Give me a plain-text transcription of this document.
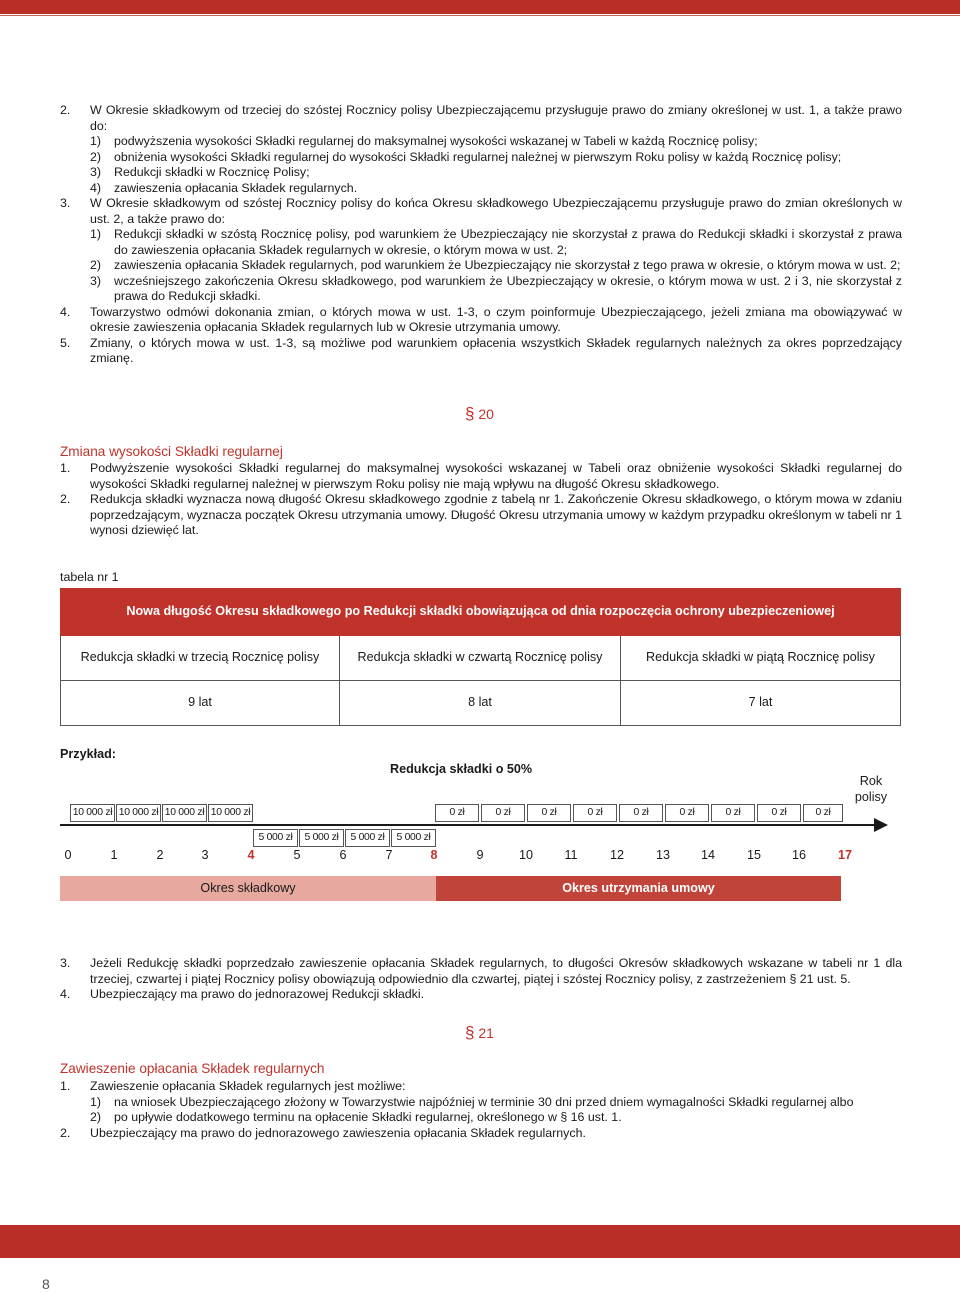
2. W Okresie składkowym od trzeciej do szóstej Rocznicy polisy Ubezpieczającemu przysługuje prawo do zmiany określonej w ust. 1, a także prawo do:
1) podwyższenia wysokości Składki regularnej do maksymalnej wysokości wskazanej w Tabeli w każdą Rocznicę polisy;
2) obniżenia wysokości Składki regularnej do wysokości Składki regularnej należnej w pierwszym Roku polisy w każdą Rocznicę polisy;
3) Redukcji składki w Rocznicę Polisy;
4) zawieszenia opłacania Składek regularnych.
3. W Okresie składkowym od szóstej Rocznicy polisy do końca Okresu składkowego Ubezpieczającemu przysługuje prawo do zmian określonych w ust. 2, a także prawo do:
1) Redukcji składki w szóstą Rocznicę polisy, pod warunkiem że Ubezpieczający nie skorzystał z prawa do Redukcji składki i skorzystał z prawa do zawieszenia opłacania Składek regularnych w okresie, o którym mowa w ust. 2;
2) zawieszenia opłacania Składek regularnych, pod warunkiem że Ubezpieczający nie skorzystał z tego prawa w okresie, o którym mowa w ust. 2;
3) wcześniejszego zakończenia Okresu składkowego, pod warunkiem że Ubezpieczający w okresie, o którym mowa w ust. 2 i 3, nie skorzystał z prawa do Redukcji składki.
4. Towarzystwo odmówi dokonania zmian, o których mowa w ust. 1-3, o czym poinformuje Ubezpieczającego, jeżeli zmiana ma obowiązywać w okresie zawieszenia opłacania Składek regularnych lub w Okresie utrzymania umowy.
5. Zmiany, o których mowa w ust. 1-3, są możliwe pod warunkiem opłacenia wszystkich Składek regularnych należnych za okres poprzedzający zmianę.
§ 20
Zmiana wysokości Składki regularnej
1. Podwyższenie wysokości Składki regularnej do maksymalnej wysokości wskazanej w Tabeli oraz obniżenie wysokości Składki regularnej do wysokości Składki regularnej należnej w pierwszym Roku polisy nie mają wpływu na długość Okresu składkowego.
2. Redukcja składki wyznacza nową długość Okresu składkowego zgodnie z tabelą nr 1. Zakończenie Okresu składkowego, o którym mowa w zdaniu poprzedzającym, wyznacza początek Okresu utrzymania umowy. Długość Okresu utrzymania umowy w każdym przypadku określonym w tabeli nr 1 wynosi dziewięć lat.
tabela nr 1
Nowa długość Okresu składkowego po Redukcji składki obowiązująca od dnia rozpoczęcia ochrony ubezpieczeniowej		
Redukcja składki w trzecią Rocznicę polisy	Redukcja składki w czwartą Rocznicę polisy	Redukcja składki w piątą Rocznicę polisy
9 lat	8 lat	7 lat
Przykład:
Redukcja składki o 50%
Rok
polisy
10 000 zł 10 000 zł 10 000 zł 10 000 zł	0 zł	0 zł	0 zł	0 zł	0 zł	0 zł	0 zł	0 zł	0 zł
5 000 zł	5 000 zł	5 000 zł	5 000 zł
0	1	2	3	4	5	6	7	8	9	10	11	12	13	14	15	16	17
Okres składkowy	Okres utrzymania umowy
3. Jeżeli Redukcję składki poprzedzało zawieszenie opłacania Składek regularnych, to długości Okresów składkowych wskazane w tabeli nr 1 dla trzeciej, czwartej i piątej Rocznicy polisy obowiązują odpowiednio dla czwartej, piątej i szóstej Rocznicy polisy, z zastrzeżeniem § 21 ust. 5.
4. Ubezpieczający ma prawo do jednorazowej Redukcji składki.
§ 21
Zawieszenie opłacania Składek regularnych
1. Zawieszenie opłacania Składek regularnych jest możliwe:
1) na wniosek Ubezpieczającego złożony w Towarzystwie najpóźniej w terminie 30 dni przed dniem wymagalności Składki regularnej albo
2) po upływie dodatkowego terminu na opłacenie Składki regularnej, określonego w § 16 ust. 1.
2. Ubezpieczający ma prawo do jednorazowego zawieszenia opłacania Składek regularnych.
8
